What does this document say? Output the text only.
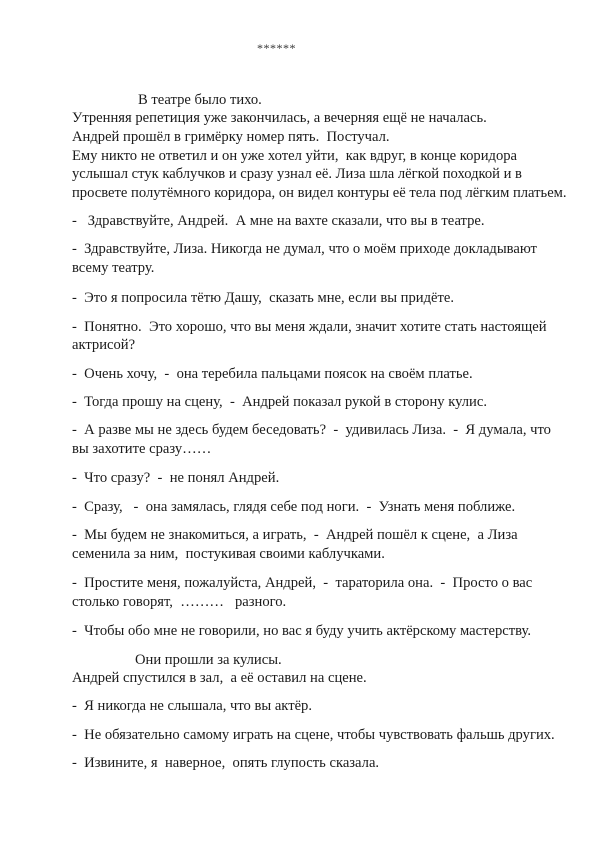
******
В театре было тихо.
Утренняя репетиция уже закончилась, а вечерняя ещё не началась.
Андрей прошёл в гримёрку номер пять.  Постучал.
Ему никто не ответил и он уже хотел уйти,  как вдруг, в конце коридора
услышал стук каблучков и сразу узнал её. Лиза шла лёгкой походкой и в
просвете полутёмного коридора, он видел контуры её тела под лёгким платьем.
-   Здравствуйте, Андрей.  А мне на вахте сказали, что вы в театре.
-  Здравствуйте, Лиза. Никогда не думал, что о моём приходе докладывают
всему театру.
-  Это я попросила тётю Дашу,  сказать мне, если вы придёте.
-  Понятно.  Это хорошо, что вы меня ждали, значит хотите стать настоящей
актрисой?
-  Очень хочу,  -  она теребила пальцами поясок на своём платье.
-  Тогда прошу на сцену,  -  Андрей показал рукой в сторону кулис.
-  А разве мы не здесь будем беседовать?  -  удивилась Лиза.  -  Я думала, что
вы захотите сразу……
-  Что сразу?  -  не понял Андрей.
-  Сразу,   -  она замялась, глядя себе под ноги.  -  Узнать меня поближе.
-  Мы будем не знакомиться, а играть,  -  Андрей пошёл к сцене,  а Лиза
семенила за ним,  постукивая своими каблучками.
-  Простите меня, пожалуйста, Андрей,  -  тараторила она.  -  Просто о вас
столько говорят,  ………   разного.
-  Чтобы обо мне не говорили, но вас я буду учить актёрскому мастерству.
Они прошли за кулисы.
Андрей спустился в зал,  а её оставил на сцене.
-  Я никогда не слышала, что вы актёр.
-  Не обязательно самому играть на сцене, чтобы чувствовать фальшь других.
-  Извините, я  наверное,  опять глупость сказала.
